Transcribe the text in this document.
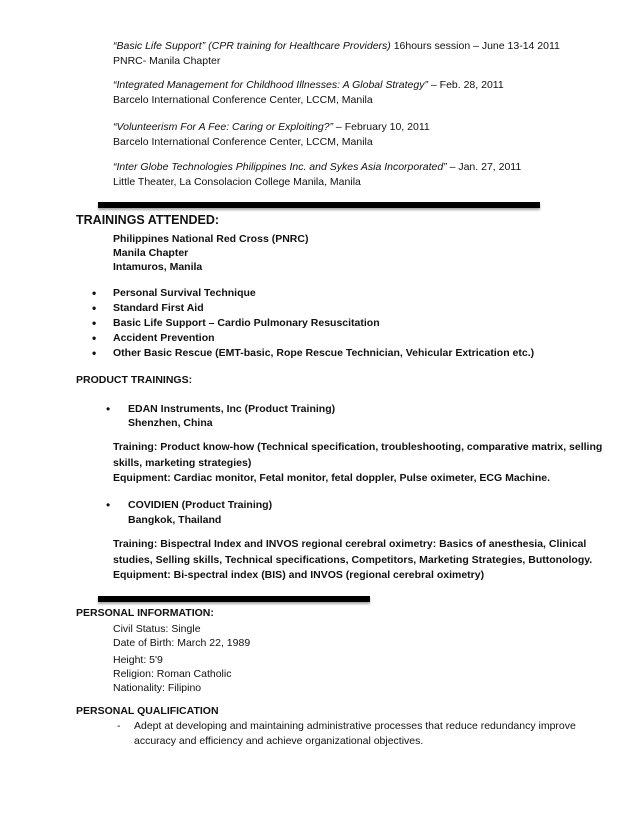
“Basic Life Support” (CPR training for Healthcare Providers) 16hours session – June 13-14 2011
PNRC- Manila Chapter
“Integrated Management for Childhood Illnesses: A Global Strategy” – Feb. 28, 2011
Barcelo International Conference Center, LCCM, Manila
“Volunteerism For A Fee: Caring or Exploiting?” – February 10, 2011
Barcelo International Conference Center, LCCM, Manila
“Inter Globe Technologies Philippines Inc. and Sykes Asia Incorporated” – Jan. 27, 2011
Little Theater, La Consolacion College Manila, Manila
TRAININGS ATTENDED:
Philippines National Red Cross (PNRC)
Manila Chapter
Intamuros, Manila
• Personal Survival Technique
• Standard First Aid
• Basic Life Support – Cardio Pulmonary Resuscitation
• Accident Prevention
• Other Basic Rescue (EMT-basic, Rope Rescue Technician, Vehicular Extrication etc.)
PRODUCT TRAININGS:
• EDAN Instruments, Inc (Product Training)
Shenzhen, China
Training: Product know-how (Technical specification, troubleshooting, comparative matrix, selling
skills, marketing strategies)
Equipment: Cardiac monitor, Fetal monitor, fetal doppler, Pulse oximeter, ECG Machine.
• COVIDIEN (Product Training)
Bangkok, Thailand
Training: Bispectral Index and INVOS regional cerebral oximetry: Basics of anesthesia, Clinical
studies, Selling skills, Technical specifications, Competitors, Marketing Strategies, Buttonology.
Equipment: Bi-spectral index (BIS) and INVOS (regional cerebral oximetry)
PERSONAL INFORMATION:
Civil Status: Single
Date of Birth: March 22, 1989
Height: 5'9
Religion: Roman Catholic
Nationality: Filipino
PERSONAL QUALIFICATION
- Adept at developing and maintaining administrative processes that reduce redundancy improve
accuracy and efficiency and achieve organizational objectives.
